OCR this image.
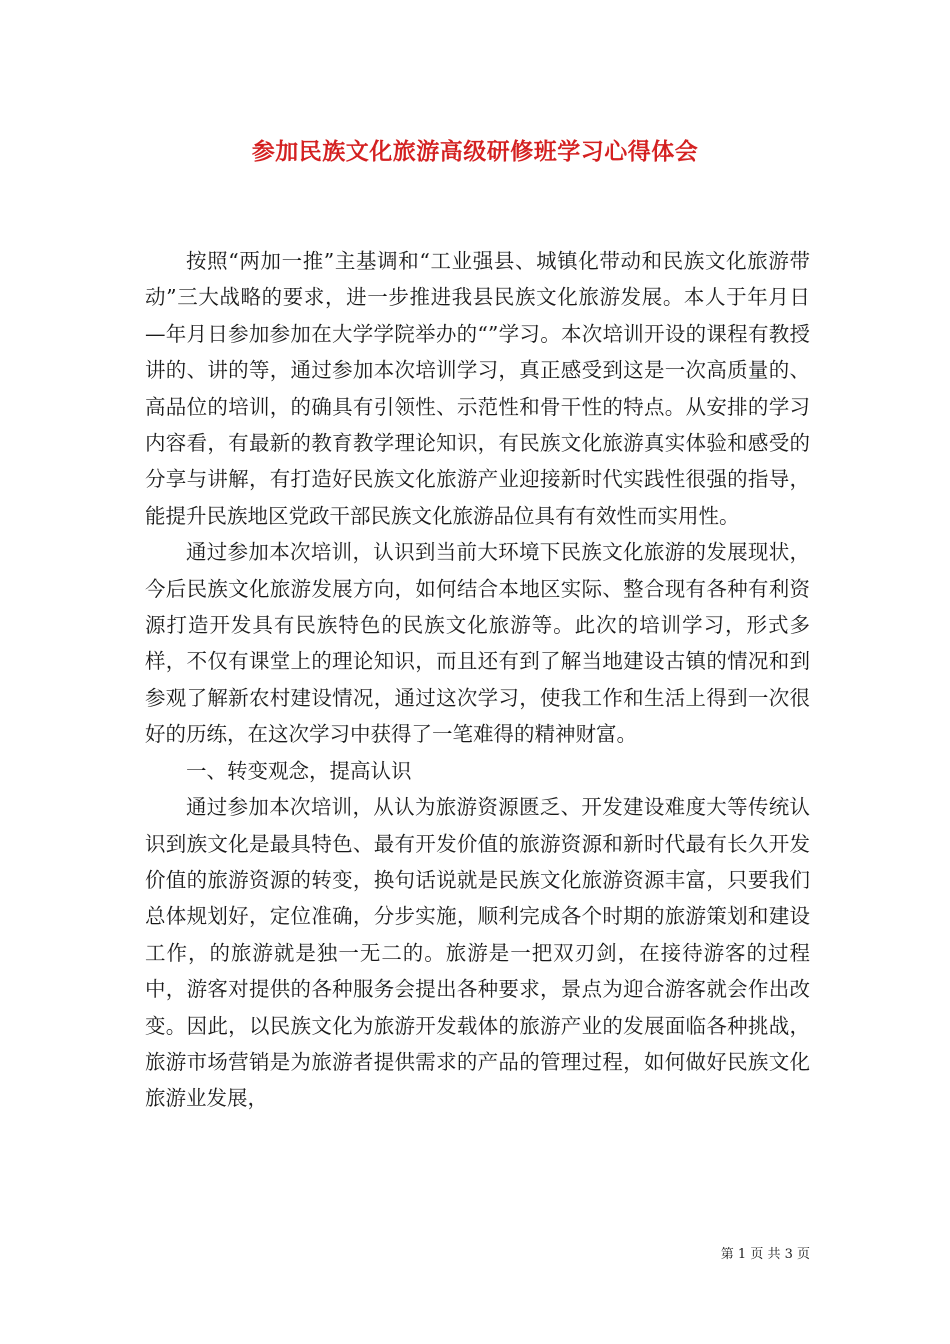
参加民族文化旅游高级研修班学习心得体会

按照“两加一推”主基调和“工业强县、城镇化带动和民族文化旅游带动”三大战略的要求，进一步推进我县民族文化旅游发展。本人于年月日—年月日参加参加在大学学院举办的“”学习。本次培训开设的课程有教授讲的、讲的等，通过参加本次培训学习，真正感受到这是一次高质量的、高品位的培训，的确具有引领性、示范性和骨干性的特点。从安排的学习内容看，有最新的教育教学理论知识，有民族文化旅游真实体验和感受的分享与讲解，有打造好民族文化旅游产业迎接新时代实践性很强的指导，能提升民族地区党政干部民族文化旅游品位具有有效性而实用性。

通过参加本次培训，认识到当前大环境下民族文化旅游的发展现状，今后民族文化旅游发展方向，如何结合本地区实际、整合现有各种有利资源打造开发具有民族特色的民族文化旅游等。此次的培训学习，形式多样，不仅有课堂上的理论知识，而且还有到了解当地建设古镇的情况和到参观了解新农村建设情况，通过这次学习，使我工作和生活上得到一次很好的历练，在这次学习中获得了一笔难得的精神财富。

一、转变观念，提高认识

通过参加本次培训，从认为旅游资源匮乏、开发建设难度大等传统认识到族文化是最具特色、最有开发价值的旅游资源和新时代最有长久开发价值的旅游资源的转变，换句话说就是民族文化旅游资源丰富，只要我们总体规划好，定位准确，分步实施，顺利完成各个时期的旅游策划和建设工作，的旅游就是独一无二的。旅游是一把双刃剑，在接待游客的过程中，游客对提供的各种服务会提出各种要求，景点为迎合游客就会作出改变。因此，以民族文化为旅游开发载体的旅游产业的发展面临各种挑战，旅游市场营销是为旅游者提供需求的产品的管理过程，如何做好民族文化旅游业发展，

第 1 页 共 3 页
